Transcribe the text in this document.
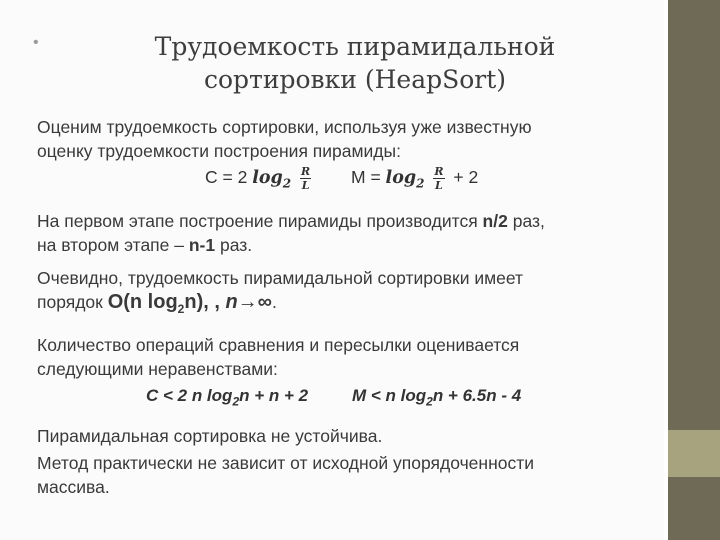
•	Трудоемкость пирамидальной
сортировки (HeapSort)
Оценим трудоемкость сортировки, используя уже известную
оценку трудоемкости построения пирамиды:
C = 2 $\log_2 \frac{R}{L}$ $M = \log_2 \frac{R}{L} + 2$
На первом этапе построение пирамиды производится n/2 раз,
на втором этапе – n-1 раз.
Очевидно, трудоемкость пирамидальной сортировки имеет
порядок O(n $\log_2n$), , n→∞.
Количество операций сравнения и пересылки оценивается
следующими неравенствами:
C < 2 n $\log_2n + n + 2$	M < n $\log_2n + 6.5n - 4$
Пирамидальная сортировка не устойчива.
Метод практически не зависит от исходной упорядоченности
массива.
